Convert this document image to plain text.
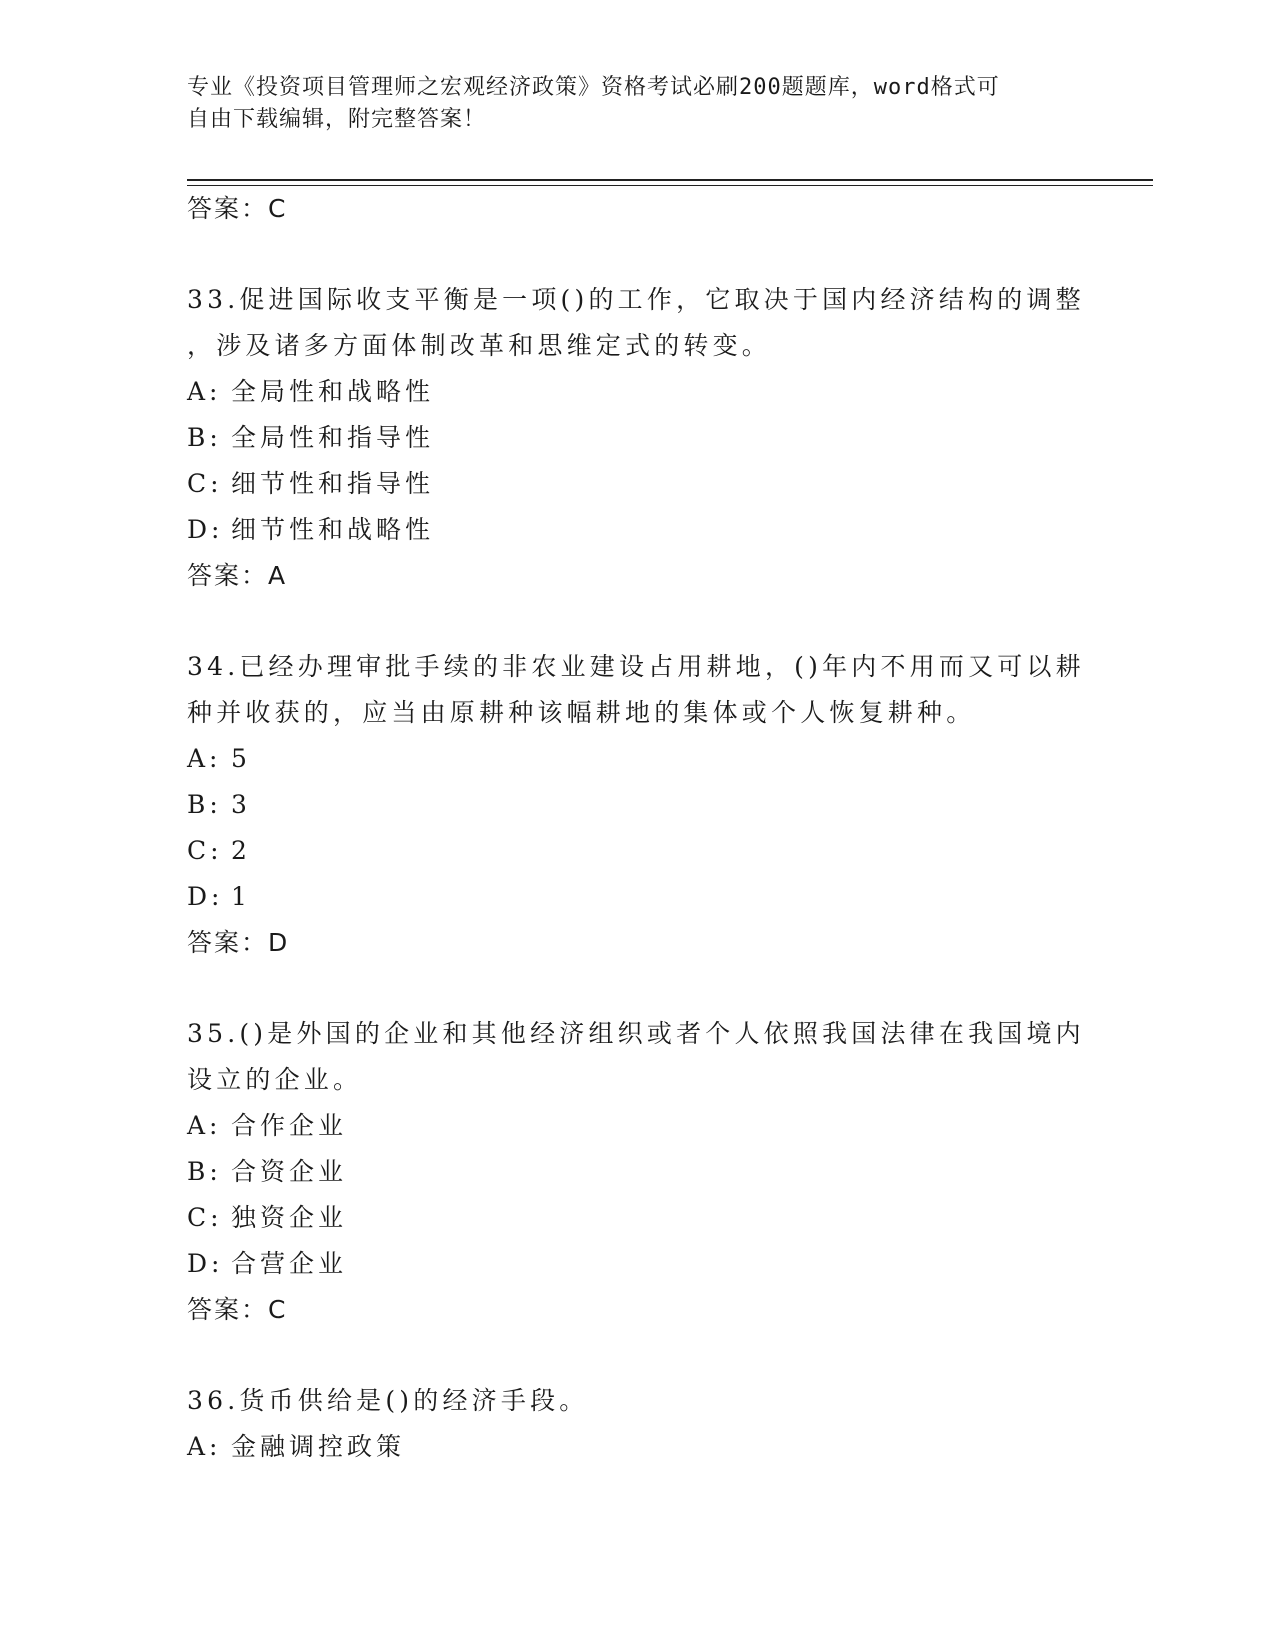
专业《投资项目管理师之宏观经济政策》资格考试必刷200题题库，word格式可
自由下载编辑，附完整答案！
答案：C
33.促进国际收支平衡是一项()的工作，它取决于国内经济结构的调整
，涉及诸多方面体制改革和思维定式的转变。
A: 全局性和战略性
B: 全局性和指导性
C: 细节性和指导性
D: 细节性和战略性
答案：A
34.已经办理审批手续的非农业建设占用耕地，()年内不用而又可以耕
种并收获的，应当由原耕种该幅耕地的集体或个人恢复耕种。
A: 5
B: 3
C: 2
D: 1
答案：D
35.()是外国的企业和其他经济组织或者个人依照我国法律在我国境内
设立的企业。
A: 合作企业
B: 合资企业
C: 独资企业
D: 合营企业
答案：C
36.货币供给是()的经济手段。
A: 金融调控政策
